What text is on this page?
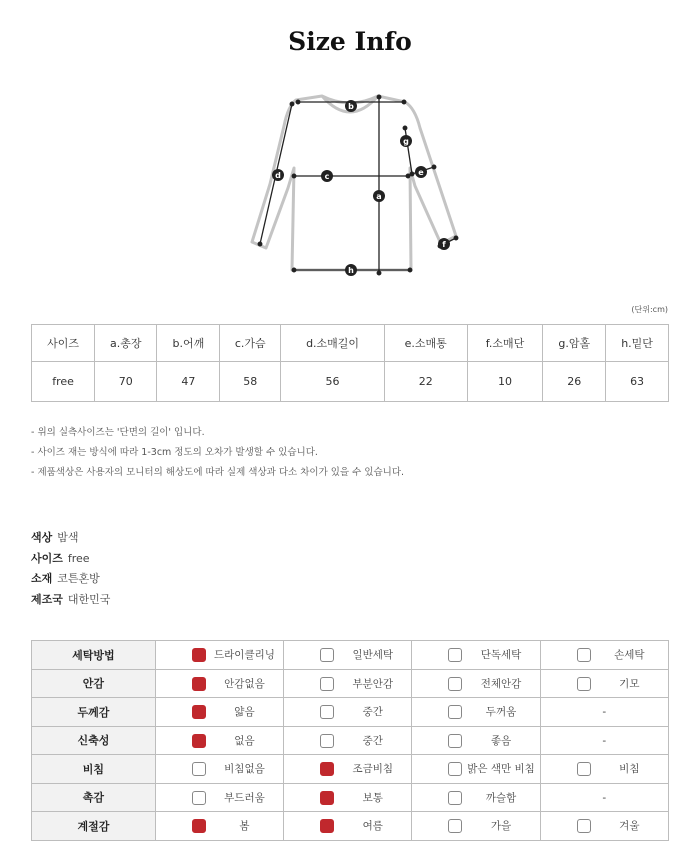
Size Info
a
b
c
d	e
f
g
h
(단위:cm)
사이즈	a.총장	b.어깨	c.가슴	d.소매길이	e.소매통	f.소매단	g.암홀	h.밑단
free	70	47	58	56	22	10	26	63
- 위의 실측사이즈는 '단면의 길이' 입니다.
- 사이즈 재는 방식에 따라 1-3cm 정도의 오차가 발생할 수 있습니다.
- 제품색상은 사용자의 모니터의 해상도에 따라 실제 색상과 다소 차이가 있을 수 있습니다.
색상 밤색
사이즈 free
소재 코튼혼방
제조국 대한민국
세탁방법	드라이클리닝	일반세탁	단독세탁	손세탁

안감	안감없음	부분안감	전체안감	기모

두께감	얇음	중간	두꺼움	-

신축성	없음	중간	좋음	-

비침	비침없음	조금비침	밝은 색만 비침	비침

촉감	부드러움	보통	까슬함	-

계절감	봄	여름	가을	겨울
